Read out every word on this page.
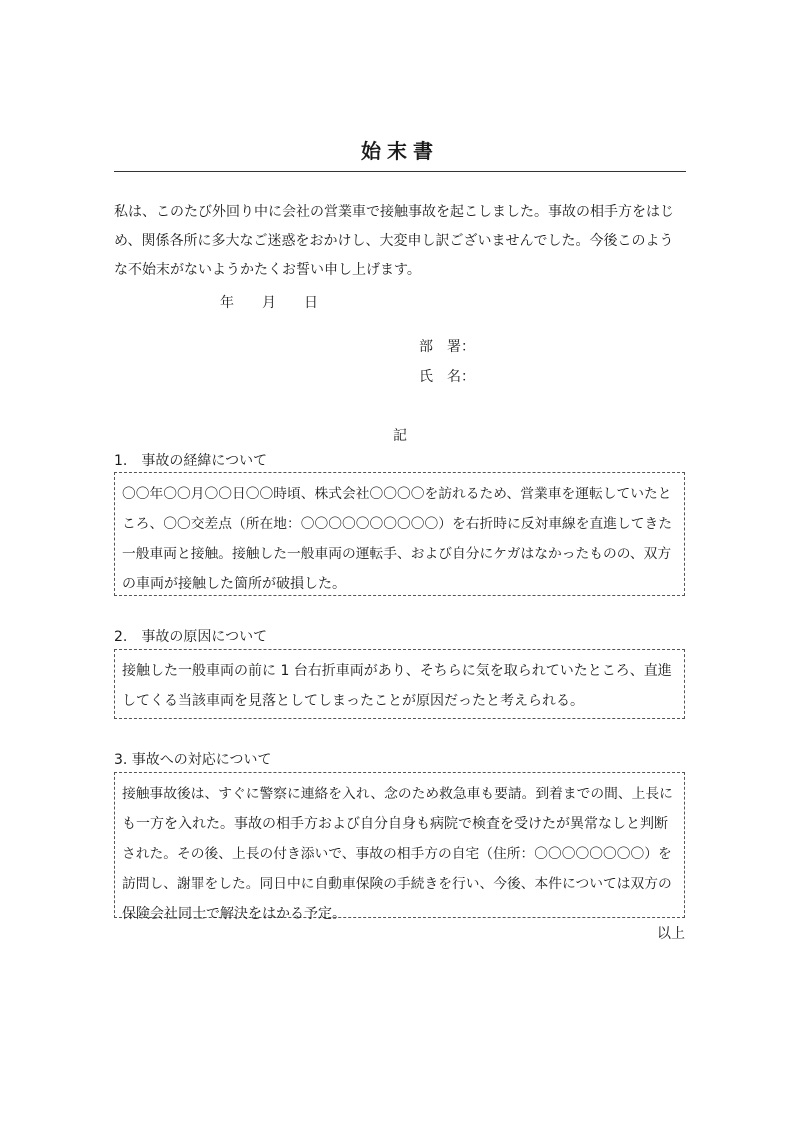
始末書
私は、このたび外回り中に会社の営業車で接触事故を起こしました。事故の相手方をはじ
め、関係各所に多大なご迷惑をおかけし、大変申し訳ございませんでした。今後このよう
な不始末がないようかたくお誓い申し上げます。
年 月 日
部　署：
氏　名：
記
1.　事故の経緯について
〇〇年〇〇月〇〇日〇〇時頃、株式会社〇〇〇〇を訪れるため、営業車を運転していたと
ころ、〇〇交差点（所在地：〇〇〇〇〇〇〇〇〇〇）を右折時に反対車線を直進してきた
一般車両と接触。接触した一般車両の運転手、および自分にケガはなかったものの、双方
の車両が接触した箇所が破損した。
2.　事故の原因について
接触した一般車両の前に 1 台右折車両があり、そちらに気を取られていたところ、直進
してくる当該車両を見落としてしまったことが原因だったと考えられる。
3. 事故への対応について
接触事故後は、すぐに警察に連絡を入れ、念のため救急車も要請。到着までの間、上長に
も一方を入れた。事故の相手方および自分自身も病院で検査を受けたが異常なしと判断
された。その後、上長の付き添いで、事故の相手方の自宅（住所：〇〇〇〇〇〇〇〇）を
訪問し、謝罪をした。同日中に自動車保険の手続きを行い、今後、本件については双方の
保険会社同士で解決をはかる予定。
以上
